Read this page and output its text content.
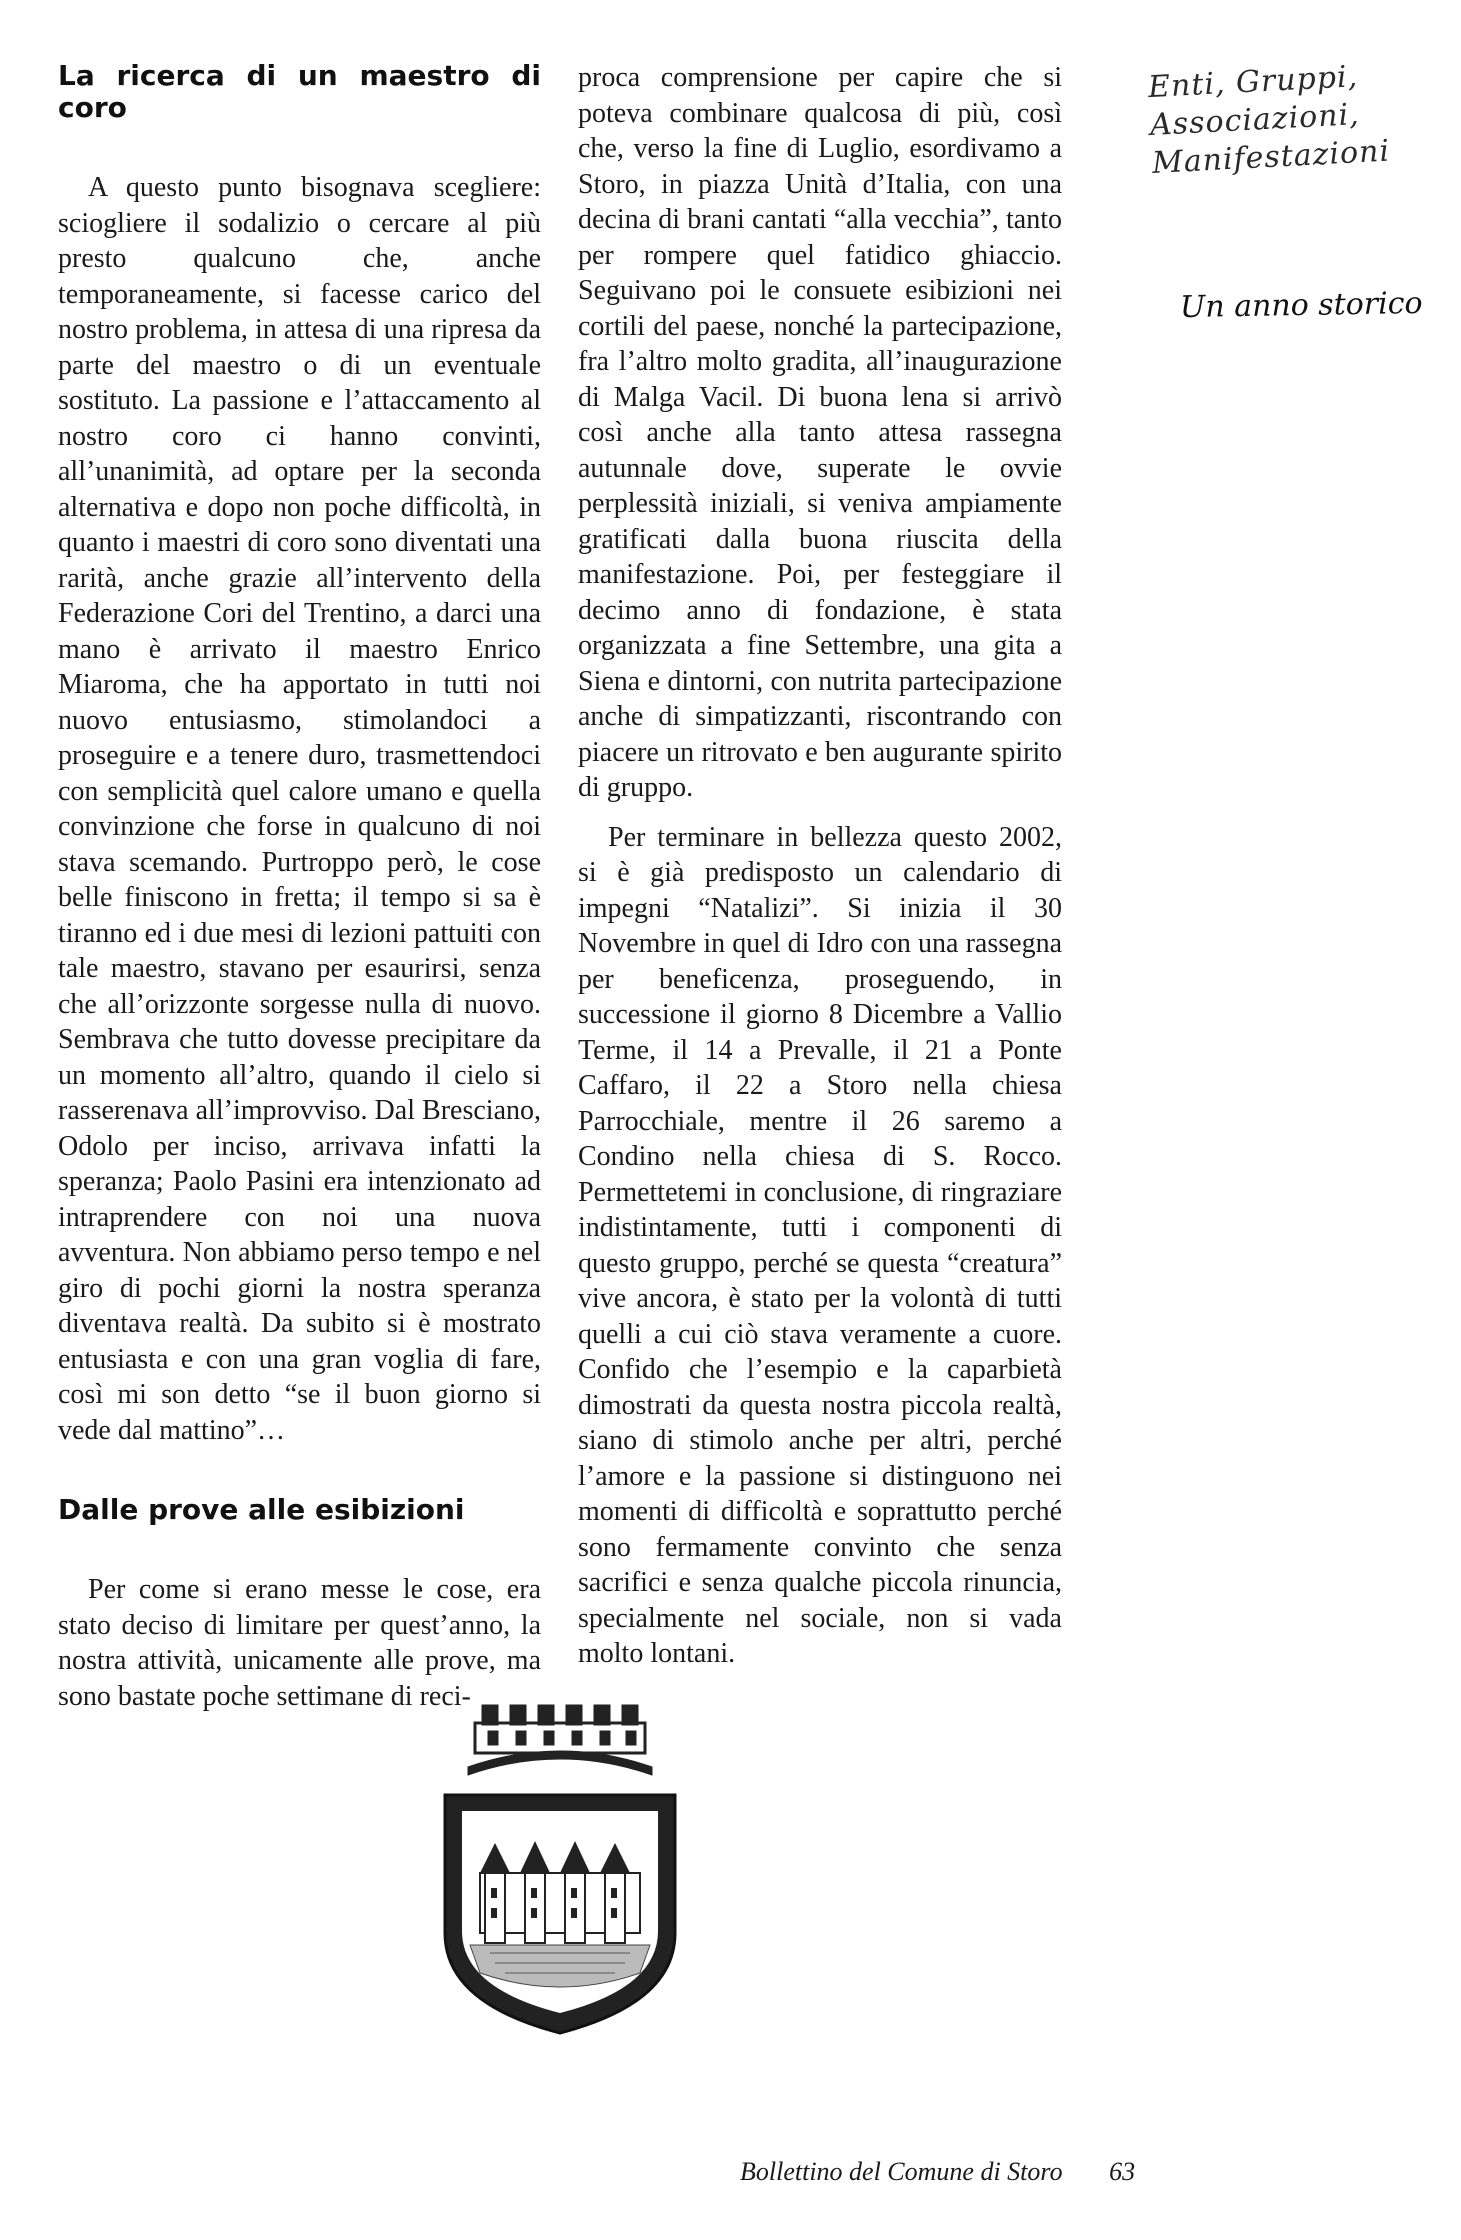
La ricerca di un maestro di coro

A questo punto bisognava scegliere: sciogliere il sodalizio o cercare al più presto qualcuno che, anche temporaneamente, si facesse carico del nostro problema, in attesa di una ripresa da parte del maestro o di un eventuale sostituto. La passione e l’attaccamento al nostro coro ci hanno convinti, all’unanimità, ad optare per la seconda alternativa e dopo non poche difficoltà, in quanto i maestri di coro sono diventati una rarità, anche grazie all’intervento della Federazione Cori del Trentino, a darci una mano è arrivato il maestro Enrico Miaroma, che ha apportato in tutti noi nuovo entusiasmo, stimolandoci a proseguire e a tenere duro, trasmettendoci con semplicità quel calore umano e quella convinzione che forse in qualcuno di noi stava scemando. Purtroppo però, le cose belle finiscono in fretta; il tempo si sa è tiranno ed i due mesi di lezioni pattuiti con tale maestro, stavano per esaurirsi, senza che all’orizzonte sorgesse nulla di nuovo. Sembrava che tutto dovesse precipitare da un momento all’altro, quando il cielo si rasserenava all’improvviso. Dal Bresciano, Odolo per inciso, arrivava infatti la speranza; Paolo Pasini era intenzionato ad intraprendere con noi una nuova avventura. Non abbiamo perso tempo e nel giro di pochi giorni la nostra speranza diventava realtà. Da subito si è mostrato entusiasta e con una gran voglia di fare, così mi son detto “se il buon giorno si vede dal mattino”…

Dalle prove alle esibizioni

Per come si erano messe le cose, era stato deciso di limitare per quest’anno, la nostra attività, unicamente alle prove, ma sono bastate poche settimane di reci-

proca comprensione per capire che si poteva combinare qualcosa di più, così che, verso la fine di Luglio, esordivamo a Storo, in piazza Unità d’Italia, con una decina di brani cantati “alla vecchia”, tanto per rompere quel fatidico ghiaccio. Seguivano poi le consuete esibizioni nei cortili del paese, nonché la partecipazione, fra l’altro molto gradita, all’inaugurazione di Malga Vacil. Di buona lena si arrivò così anche alla tanto attesa rassegna autunnale dove, superate le ovvie perplessità iniziali, si veniva ampiamente gratificati dalla buona riuscita della manifestazione. Poi, per festeggiare il decimo anno di fondazione, è stata organizzata a fine Settembre, una gita a Siena e dintorni, con nutrita partecipazione anche di simpatizzanti, riscontrando con piacere un ritrovato e ben augurante spirito di gruppo.

Per terminare in bellezza questo 2002, si è già predisposto un calendario di impegni “Natalizi”. Si inizia il 30 Novembre in quel di Idro con una rassegna per beneficenza, proseguendo, in successione il giorno 8 Dicembre a Vallio Terme, il 14 a Prevalle, il 21 a Ponte Caffaro, il 22 a Storo nella chiesa Parrocchiale, mentre il 26 saremo a Condino nella chiesa di S. Rocco. Permettetemi in conclusione, di ringraziare indistintamente, tutti i componenti di questo gruppo, perché se questa “creatura” vive ancora, è stato per la volontà di tutti quelli a cui ciò stava veramente a cuore. Confido che l’esempio e la caparbietà dimostrati da questa nostra piccola realtà, siano di stimolo anche per altri, perché l’amore e la passione si distinguono nei momenti di difficoltà e soprattutto perché sono fermamente convinto che senza sacrifici e senza qualche piccola rinuncia, specialmente nel sociale, non si vada molto lontani.

Enti, Gruppi,
Associazioni,
Manifestazioni
Un anno storico
Bollettino del Comune di Storo 63
